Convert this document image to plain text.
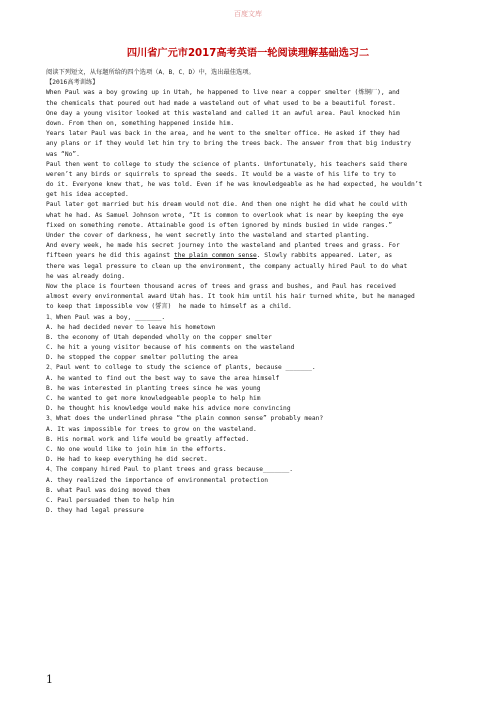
百度文库
四川省广元市2017高考英语一轮阅读理解基础选习二
阅读下列短文，从每题所给的四个选项（A、B、C、D）中，选出最佳选项。
【2016高考训练】
When Paul was a boy growing up in Utah, he happened to live near a copper smelter (炼铜厂), and
the chemicals that poured out had made a wasteland out of what used to be a beautiful forest.
One day a young visitor looked at this wasteland and called it an awful area. Paul knocked him
down. From then on, something happened inside him.
Years later Paul was back in the area, and he went to the smelter office. He asked if they had
any plans or if they would let him try to bring the trees back. The answer from that big industry
was “No”.
Paul then went to college to study the science of plants. Unfortunately, his teachers said there
weren’t any birds or squirrels to spread the seeds. It would be a waste of his life to try to
do it. Everyone knew that, he was told. Even if he was knowledgeable as he had expected, he wouldn’t
get his idea accepted.
Paul later got married but his dream would not die. And then one night he did what he could with
what he had. As Samuel Johnson wrote, “It is common to overlook what is near by keeping the eye
fixed on something remote. Attainable good is often ignored by minds busied in wide ranges.”
Under the cover of darkness, he went secretly into the wasteland and started planting.
And every week, he made his secret journey into the wasteland and planted trees and grass. For
fifteen years he did this against the plain common sense. Slowly rabbits appeared. Later, as
there was legal pressure to clean up the environment, the company actually hired Paul to do what
he was already doing.
Now the place is fourteen thousand acres of trees and grass and bushes, and Paul has received
almost every environmental award Utah has. It took him until his hair turned white, but he managed
to keep that impossible vow (誓言)  he made to himself as a child.
1、When Paul was a boy, _______.
A. he had decided never to leave his hometown
B. the economy of Utah depended wholly on the copper smelter
C. he hit a young visitor because of his comments on the wasteland
D. he stopped the copper smelter polluting the area
2、Paul went to college to study the science of plants, because _______.
A. he wanted to find out the best way to save the area himself
B. he was interested in planting trees since he was young
C. he wanted to get more knowledgeable people to help him
D. he thought his knowledge would make his advice more convincing
3、What does the underlined phrase “the plain common sense” probably mean?
A. It was impossible for trees to grow on the wasteland.
B. His normal work and life would be greatly affected.
C. No one would like to join him in the efforts.
D. He had to keep everything he did secret.
4、The company hired Paul to plant trees and grass because_______.
A. they realized the importance of environmental protection
B. what Paul was doing moved them
C. Paul persuaded them to help him
D. they had legal pressure
1
